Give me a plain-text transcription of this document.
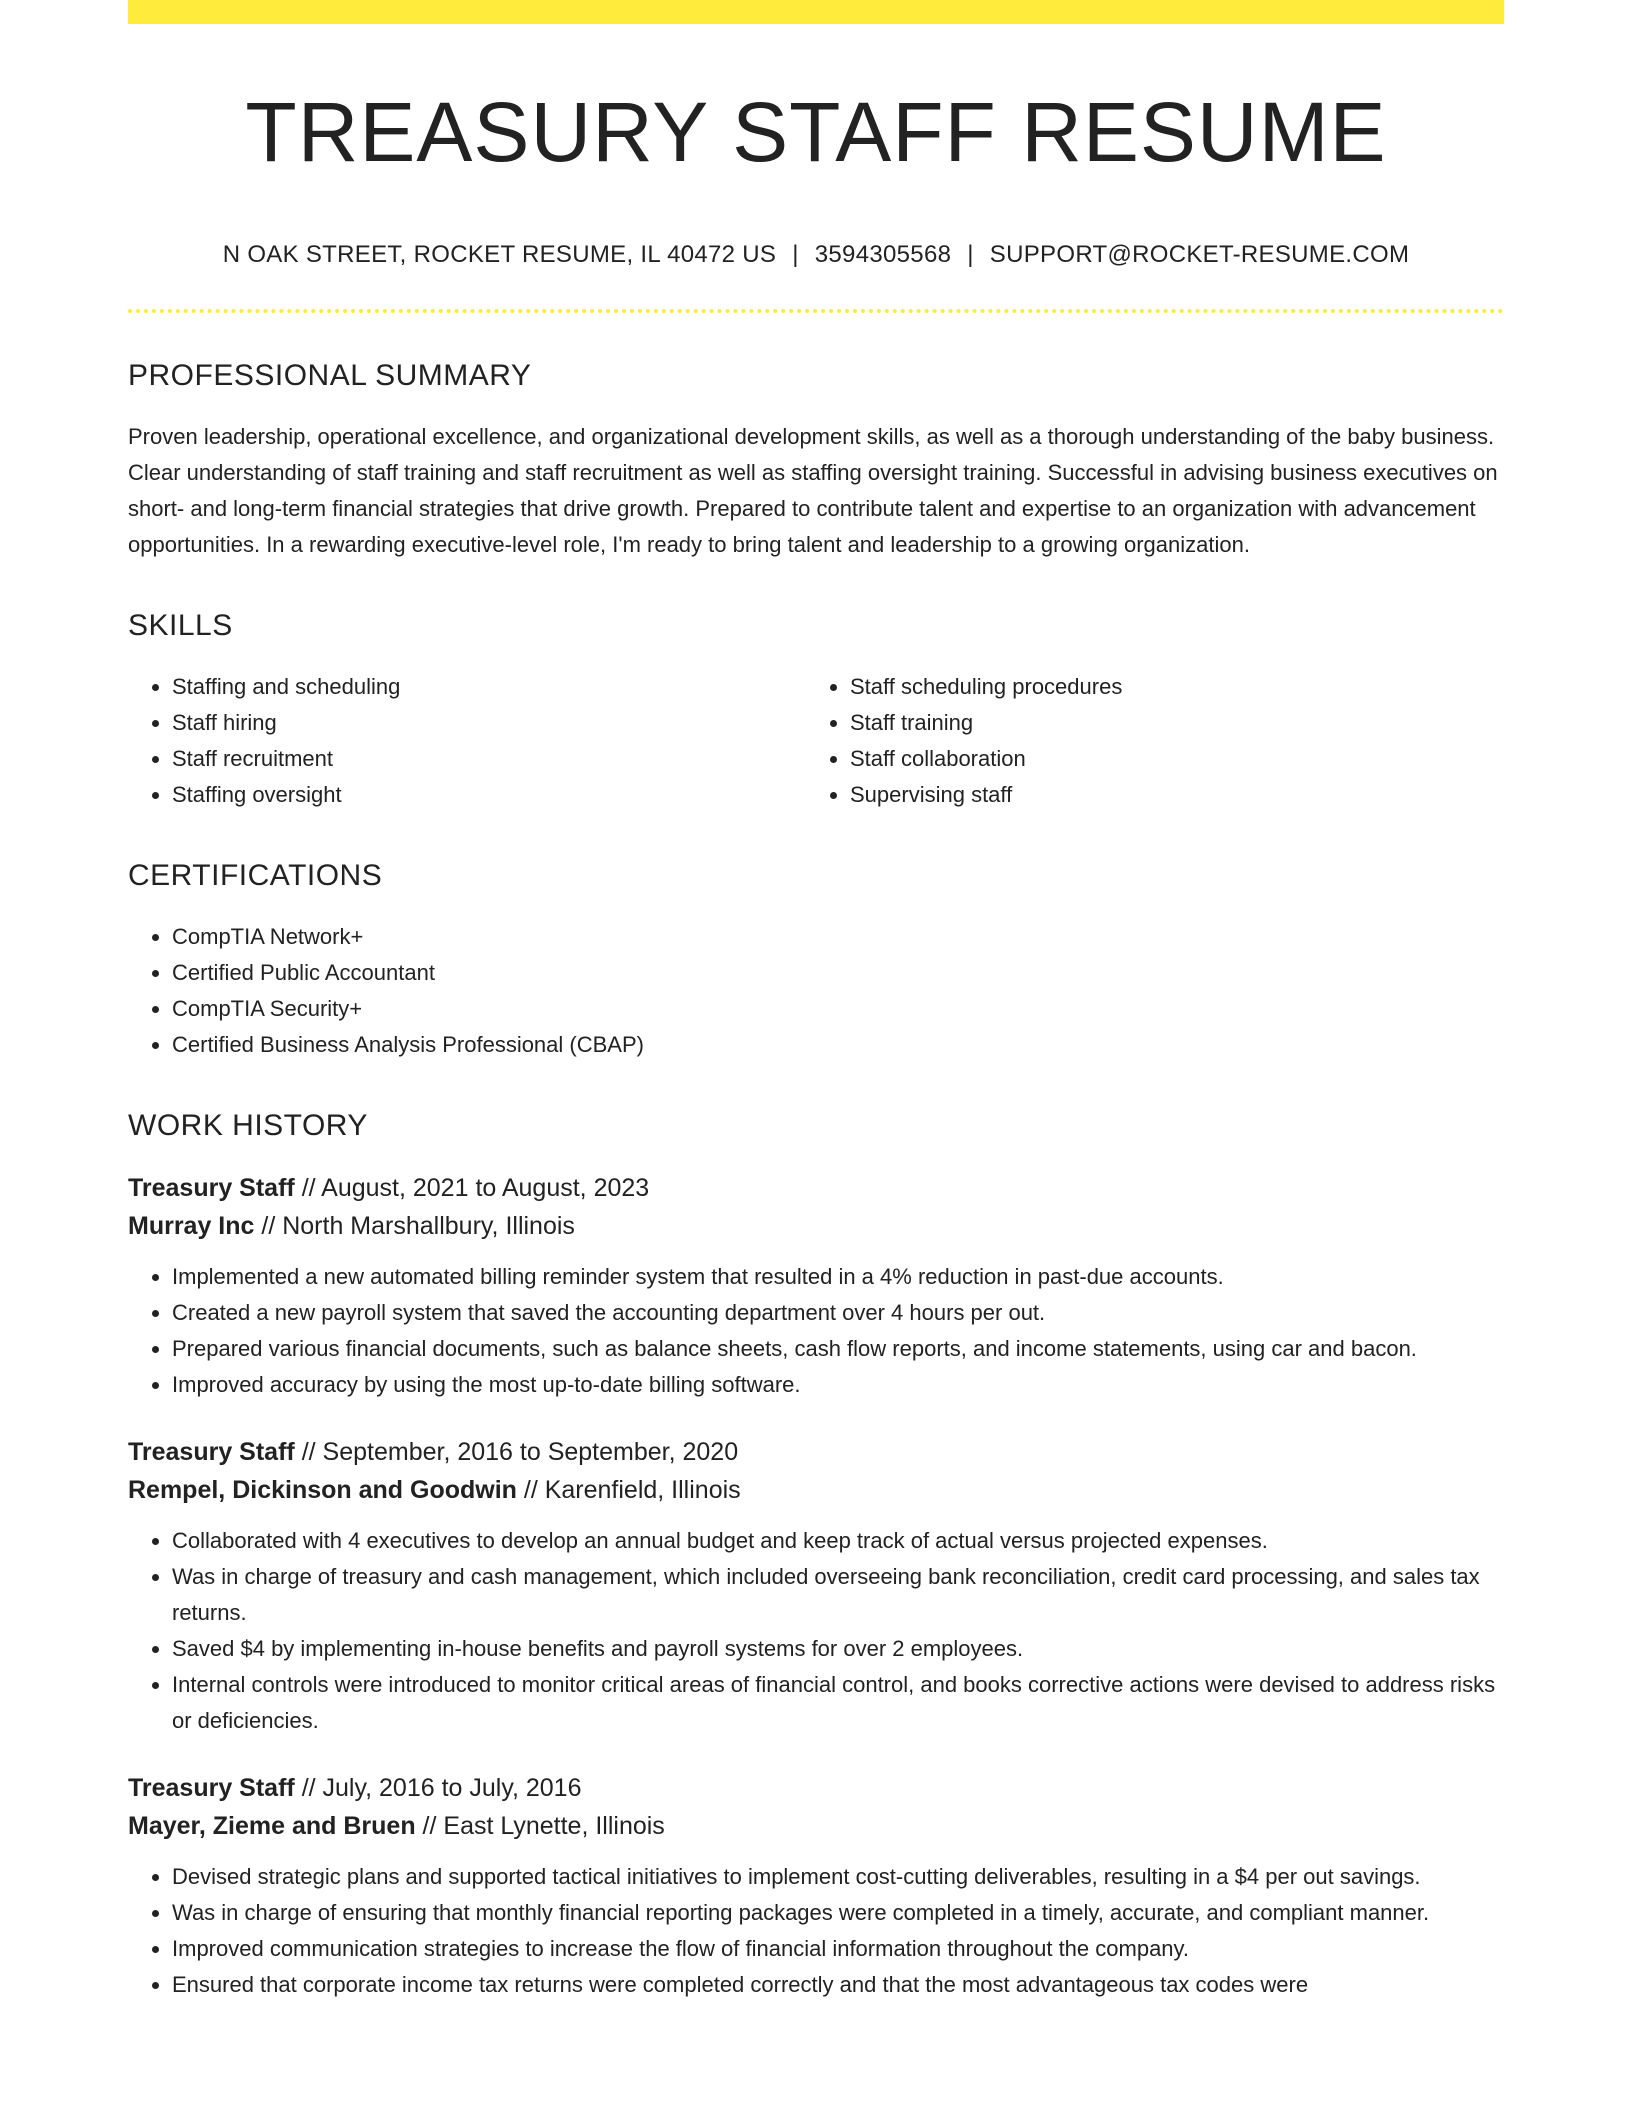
TREASURY STAFF RESUME
N OAK STREET, ROCKET RESUME, IL 40472 US | 3594305568 | SUPPORT@ROCKET-RESUME.COM
PROFESSIONAL SUMMARY

Proven leadership, operational excellence, and organizational development skills, as well as a thorough understanding of the baby business. Clear understanding of staff training and staff recruitment as well as staffing oversight training. Successful in advising business executives on short- and long-term financial strategies that drive growth. Prepared to contribute talent and expertise to an organization with advancement opportunities. In a rewarding executive-level role, I'm ready to bring talent and leadership to a growing organization.

SKILLS
• Staffing and scheduling
• Staff hiring
• Staff recruitment
• Staffing oversight
• Staff scheduling procedures
• Staff training
• Staff collaboration
• Supervising staff
CERTIFICATIONS
• CompTIA Network+
• Certified Public Accountant
• CompTIA Security+
• Certified Business Analysis Professional (CBAP)
WORK HISTORY
Treasury Staff // August, 2021 to August, 2023
Murray Inc // North Marshallbury, Illinois
• Implemented a new automated billing reminder system that resulted in a 4% reduction in past-due accounts.
• Created a new payroll system that saved the accounting department over 4 hours per out.
• Prepared various financial documents, such as balance sheets, cash flow reports, and income statements, using car and bacon.
• Improved accuracy by using the most up-to-date billing software.
Treasury Staff // September, 2016 to September, 2020
Rempel, Dickinson and Goodwin // Karenfield, Illinois
• Collaborated with 4 executives to develop an annual budget and keep track of actual versus projected expenses.
• Was in charge of treasury and cash management, which included overseeing bank reconciliation, credit card processing, and sales tax returns.
• Saved $4 by implementing in-house benefits and payroll systems for over 2 employees.
• Internal controls were introduced to monitor critical areas of financial control, and books corrective actions were devised to address risks or deficiencies.
Treasury Staff // July, 2016 to July, 2016
Mayer, Zieme and Bruen // East Lynette, Illinois
• Devised strategic plans and supported tactical initiatives to implement cost-cutting deliverables, resulting in a $4 per out savings.
• Was in charge of ensuring that monthly financial reporting packages were completed in a timely, accurate, and compliant manner.
• Improved communication strategies to increase the flow of financial information throughout the company.
• Ensured that corporate income tax returns were completed correctly and that the most advantageous tax codes were
